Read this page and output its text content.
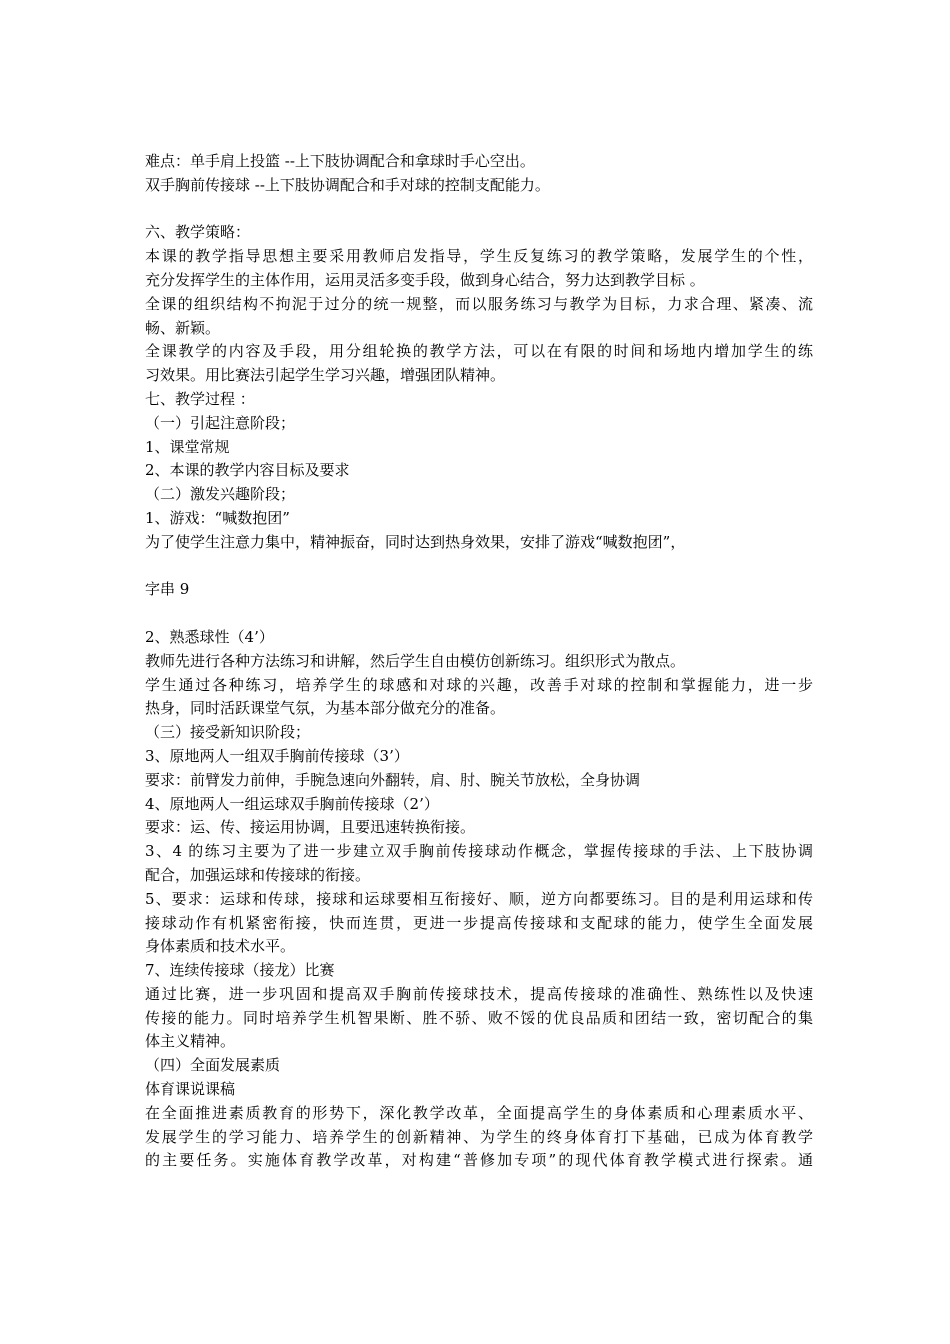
难点：单手肩上投篮 --上下肢协调配合和拿球时手心空出。
双手胸前传接球 --上下肢协调配合和手对球的控制支配能力。
六、教学策略：
本课的教学指导思想主要采用教师启发指导，学生反复练习的教学策略，发展学生的个性，
充分发挥学生的主体作用，运用灵活多变手段，做到身心结合，努力达到教学目标 。
全课的组织结构不拘泥于过分的统一规整，而以服务练习与教学为目标，力求合理、紧凑、流
畅、新颖。
全课教学的内容及手段，用分组轮换的教学方法，可以在有限的时间和场地内增加学生的练
习效果。用比赛法引起学生学习兴趣，增强团队精神。
七、教学过程 ：
（一）引起注意阶段；
1、课堂常规
2、本课的教学内容目标及要求
（二）激发兴趣阶段；
1、游戏：“喊数抱团”
为了使学生注意力集中，精神振奋，同时达到热身效果，安排了游戏“喊数抱团”，
字串 9
2、熟悉球性（4’）
教师先进行各种方法练习和讲解，然后学生自由模仿创新练习。组织形式为散点。
学生通过各种练习，培养学生的球感和对球的兴趣，改善手对球的控制和掌握能力，进一步
热身，同时活跃课堂气氛，为基本部分做充分的准备。
（三）接受新知识阶段；
3、原地两人一组双手胸前传接球（3’）
要求：前臂发力前伸，手腕急速向外翻转，肩、肘、腕关节放松，全身协调
4、原地两人一组运球双手胸前传接球（2’）
要求：运、传、接运用协调，且要迅速转换衔接。
3、4 的练习主要为了进一步建立双手胸前传接球动作概念，掌握传接球的手法、上下肢协调
配合，加强运球和传接球的衔接。
5、要求：运球和传球，接球和运球要相互衔接好、顺，逆方向都要练习。目的是利用运球和传
接球动作有机紧密衔接，快而连贯，更进一步提高传接球和支配球的能力，使学生全面发展
身体素质和技术水平。
7、连续传接球（接龙）比赛
通过比赛，进一步巩固和提高双手胸前传接球技术，提高传接球的准确性、熟练性以及快速
传接的能力。同时培养学生机智果断、胜不骄、败不馁的优良品质和团结一致，密切配合的集
体主义精神。
（四）全面发展素质
体育课说课稿
在全面推进素质教育的形势下，深化教学改革，全面提高学生的身体素质和心理素质水平、
发展学生的学习能力、培养学生的创新精神、为学生的终身体育打下基础，已成为体育教学
的主要任务。实施体育教学改革，对构建“普修加专项”的现代体育教学模式进行探索。通
